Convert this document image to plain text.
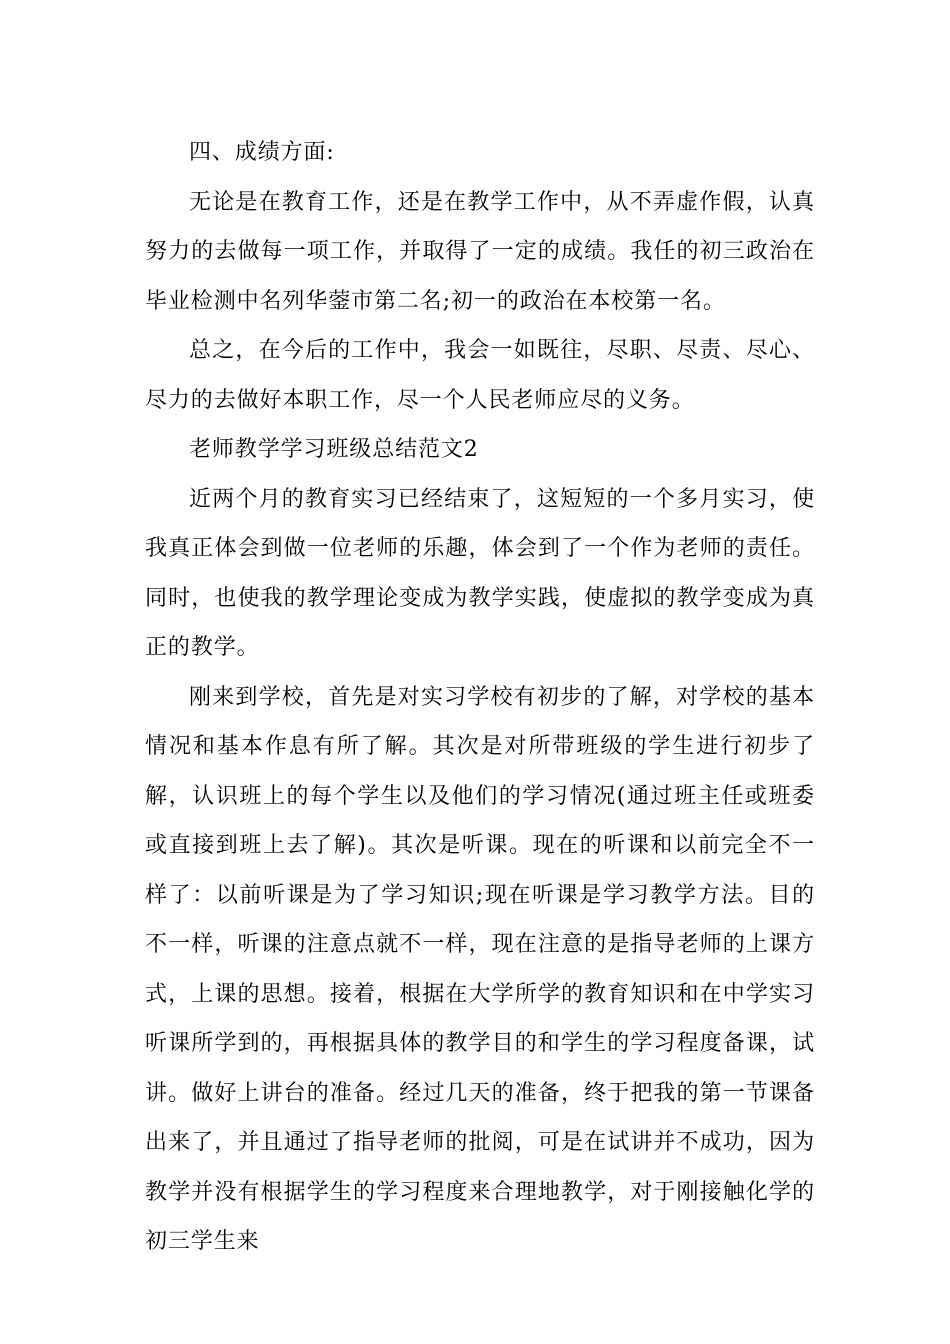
四、成绩方面:

无论是在教育工作，还是在教学工作中，从不弄虚作假，认真努力的去做每一项工作，并取得了一定的成绩。我任的初三政治在毕业检测中名列华蓥市第二名;初一的政治在本校第一名。

总之，在今后的工作中，我会一如既往，尽职、尽责、尽心、尽力的去做好本职工作，尽一个人民老师应尽的义务。

老师教学学习班级总结范文2

近两个月的教育实习已经结束了，这短短的一个多月实习，使我真正体会到做一位老师的乐趣，体会到了一个作为老师的责任。同时，也使我的教学理论变成为教学实践，使虚拟的教学变成为真正的教学。

刚来到学校，首先是对实习学校有初步的了解，对学校的基本情况和基本作息有所了解。其次是对所带班级的学生进行初步了解，认识班上的每个学生以及他们的学习情况(通过班主任或班委或直接到班上去了解)。其次是听课。现在的听课和以前完全不一样了：以前听课是为了学习知识;现在听课是学习教学方法。目的不一样，听课的注意点就不一样，现在注意的是指导老师的上课方式，上课的思想。接着，根据在大学所学的教育知识和在中学实习听课所学到的，再根据具体的教学目的和学生的学习程度备课，试讲。做好上讲台的准备。经过几天的准备，终于把我的第一节课备出来了，并且通过了指导老师的批阅，可是在试讲并不成功，因为教学并没有根据学生的学习程度来合理地教学，对于刚接触化学的初三学生来
